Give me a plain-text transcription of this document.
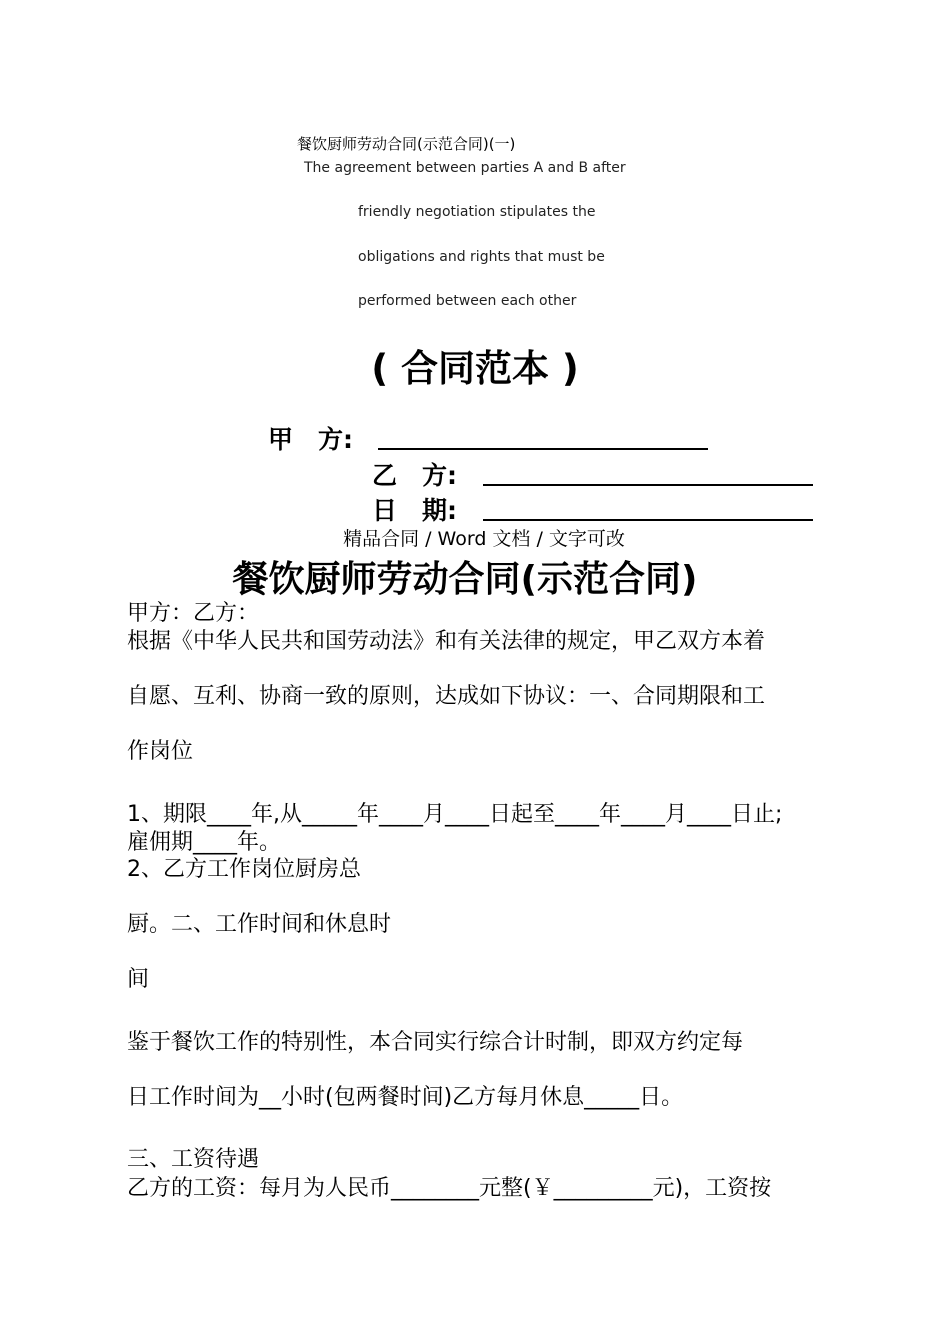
餐饮厨师劳动合同(示范合同)(一)
The agreement between parties A and B after
friendly negotiation stipulates the
obligations and rights that must be
performed between each other
( 合同范本 )
甲　方:
乙　方:
日　期:
精品合同 / Word 文档 / 文字可改
餐饮厨师劳动合同(示范合同)
甲方：乙方：
根据《中华人民共和国劳动法》和有关法律的规定，甲乙双方本着
自愿、互利、协商一致的原则，达成如下协议：一、合同期限和工
作岗位
1、期限____年,从_____年____月____日起至____年____月____日止;
雇佣期____年。
2、乙方工作岗位厨房总
厨。二、工作时间和休息时
间
鉴于餐饮工作的特别性，本合同实行综合计时制，即双方约定每
日工作时间为__小时(包两餐时间)乙方每月休息_____日。
三、工资待遇
乙方的工资：每月为人民币________元整(￥_________元)，工资按
